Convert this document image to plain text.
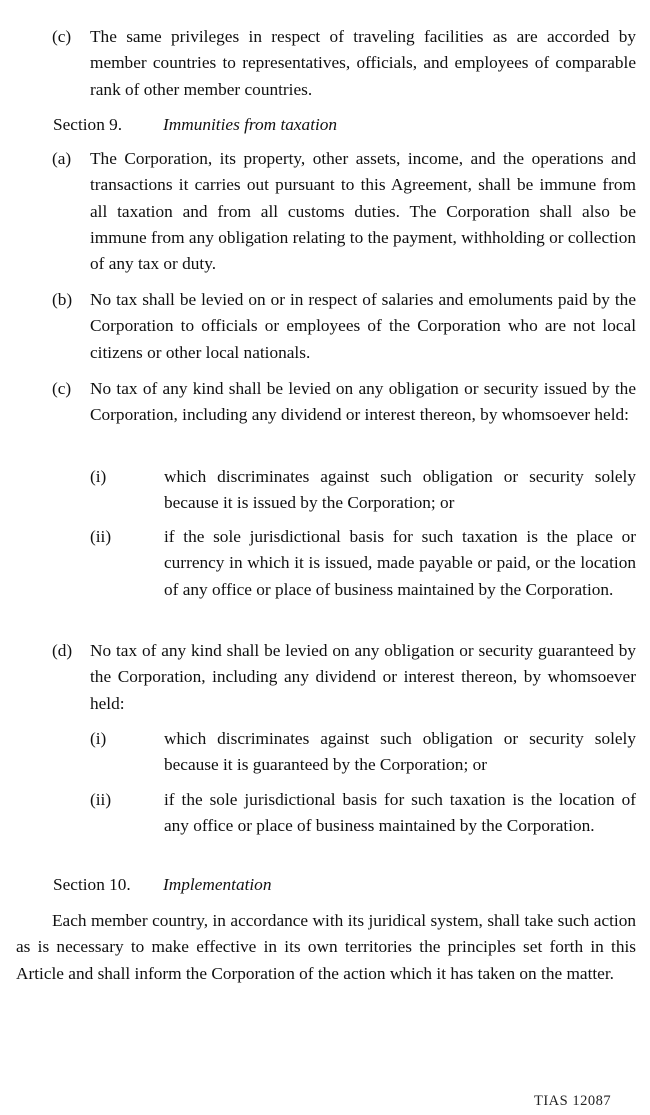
(c) The same privileges in respect of traveling facilities as are accorded by member countries to representatives, officials, and employees of comparable rank of other member countries.
Section 9. Immunities from taxation
(a) The Corporation, its property, other assets, income, and the operations and transactions it carries out pursuant to this Agreement, shall be immune from all taxation and from all customs duties. The Corporation shall also be immune from any obligation relating to the payment, withholding or collection of any tax or duty.
(b) No tax shall be levied on or in respect of salaries and emoluments paid by the Corporation to officials or employees of the Corporation who are not local citizens or other local nationals.
(c) No tax of any kind shall be levied on any obligation or security issued by the Corporation, including any dividend or interest thereon, by whomsoever held:
(i)	which discriminates against such obligation or security solely because it is issued by the Corporation; or
(ii)	if the sole jurisdictional basis for such taxation is the place or currency in which it is issued, made payable or paid, or the location of any office or place of business maintained by the Corporation.
(d) No tax of any kind shall be levied on any obligation or security guaranteed by the Corporation, including any dividend or interest thereon, by whomsoever held:
(i)	which discriminates against such obligation or security solely because it is guaranteed by the Corporation; or
(ii)	if the sole jurisdictional basis for such taxation is the location of any office or place of business maintained by the Corporation.
Section 10. Implementation
Each member country, in accordance with its juridical system, shall take such action as is necessary to make effective in its own territories the principles set forth in this Article and shall inform the Corporation of the action which it has taken on the matter.
TIAS 12087
